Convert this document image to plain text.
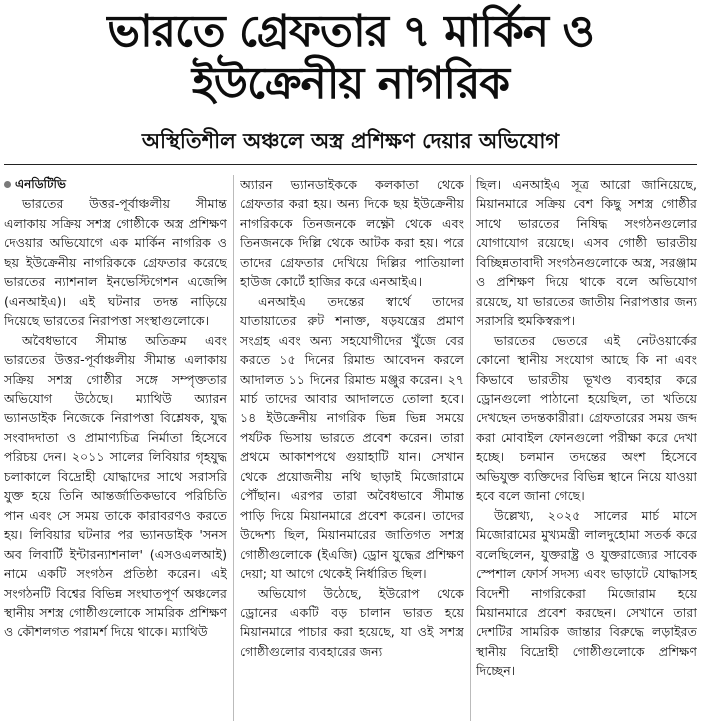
ভারতে গ্রেফতার ৭ মার্কিন ও
ইউক্রেনীয় নাগরিক
অস্থিতিশীল অঞ্চলে অস্ত্র প্রশিক্ষণ দেয়ার অভিযোগ

এনডিটিভি

ভারতের উত্তর-পূর্বাঞ্চলীয় সীমান্ত এলাকায় সক্রিয় সশস্ত্র গোষ্ঠীকে অস্ত্র প্রশিক্ষণ দেওয়ার অভিযোগে এক মার্কিন নাগরিক ও ছয় ইউক্রেনীয় নাগরিককে গ্রেফতার করেছে ভারতের ন্যাশনাল ইনভেস্টিগেশন এজেন্সি (এনআইএ)। এই ঘটনার তদন্ত নাড়িয়ে দিয়েছে ভারতের নিরাপত্তা সংস্থাগুলোকে।

অবৈধভাবে সীমান্ত অতিক্রম এবং ভারতের উত্তর-পূর্বাঞ্চলীয় সীমান্ত এলাকায় সক্রিয় সশস্ত্র গোষ্ঠীর সঙ্গে সম্পৃক্ততার অভিযোগ উঠেছে। ম্যাথিউ অ্যারন ভ্যানডাইক নিজেকে নিরাপত্তা বিশ্লেষক, যুদ্ধ সংবাদদাতা ও প্রামাণ্যচিত্র নির্মাতা হিসেবে পরিচয় দেন। ২০১১ সালের লিবিয়ার গৃহযুদ্ধ চলাকালে বিদ্রোহী যোদ্ধাদের সাথে সরাসরি যুক্ত হয়ে তিনি আন্তর্জাতিকভাবে পরিচিতি পান এবং সে সময় তাকে কারাবরণও করতে হয়। লিবিয়ার ঘটনার পর ভ্যানডাইক 'সনস অব লিবার্টি ইন্টারন্যাশনাল' (এসওএলআই) নামে একটি সংগঠন প্রতিষ্ঠা করেন। এই সংগঠনটি বিশ্বের বিভিন্ন সংঘাতপূর্ণ অঞ্চলের স্থানীয় সশস্ত্র গোষ্ঠীগুলোকে সামরিক প্রশিক্ষণ ও কৌশলগত পরামর্শ দিয়ে থাকে। ম্যাথিউ

অ্যারন ভ্যানডাইককে কলকাতা থেকে গ্রেফতার করা হয়। অন্য দিকে ছয় ইউক্রেনীয় নাগরিককে তিনজনকে লক্ষ্ণৌ থেকে এবং তিনজনকে দিল্লি থেকে আটক করা হয়। পরে তাদের গ্রেফতার দেখিয়ে দিল্লির পাতিয়ালা হাউজ কোর্টে হাজির করে এনআইএ।

এনআইএ তদন্তের স্বার্থে তাদের যাতায়াতের রুট শনাক্ত, ষড়যন্ত্রের প্রমাণ সংগ্রহ এবং অন্য সহযোগীদের খুঁজে বের করতে ১৫ দিনের রিমান্ড আবেদন করলে আদালত ১১ দিনের রিমান্ড মঞ্জুর করেন। ২৭ মার্চ তাদের আবার আদালতে তোলা হবে। ১৪ ইউক্রেনীয় নাগরিক ভিন্ন ভিন্ন সময়ে পর্যটক ভিসায় ভারতে প্রবেশ করেন। তারা প্রথমে আকাশপথে গুয়াহাটি যান। সেখান থেকে প্রয়োজনীয় নথি ছাড়াই মিজোরামে পৌঁছান। এরপর তারা অবৈধভাবে সীমান্ত পাড়ি দিয়ে মিয়ানমারে প্রবেশ করেন। তাদের উদ্দেশ্য ছিল, মিয়ানমারের জাতিগত সশস্ত্র গোষ্ঠীগুলোকে (ইএজি) ড্রোন যুদ্ধের প্রশিক্ষণ দেয়া; যা আগে থেকেই নির্ধারিত ছিল।

অভিযোগ উঠেছে, ইউরোপ থেকে ড্রোনের একটি বড় চালান ভারত হয়ে মিয়ানমারে পাচার করা হয়েছে, যা ওই সশস্ত্র গোষ্ঠীগুলোর ব্যবহারের জন্য

ছিল। এনআইএ সূত্র আরো জানিয়েছে, মিয়ানমারে সক্রিয় বেশ কিছু সশস্ত্র গোষ্ঠীর সাথে ভারতের নিষিদ্ধ সংগঠনগুলোর যোগাযোগ রয়েছে। এসব গোষ্ঠী ভারতীয় বিচ্ছিন্নতাবাদী সংগঠনগুলোকে অস্ত্র, সরঞ্জাম ও প্রশিক্ষণ দিয়ে থাকে বলে অভিযোগ রয়েছে, যা ভারতের জাতীয় নিরাপত্তার জন্য সরাসরি হুমকিস্বরূপ।

ভারতের ভেতরে এই নেটওয়ার্কের কোনো স্থানীয় সংযোগ আছে কি না এবং কিভাবে ভারতীয় ভূখণ্ড ব্যবহার করে ড্রোনগুলো পাঠানো হয়েছিল, তা খতিয়ে দেখছেন তদন্তকারীরা। গ্রেফতারের সময় জব্দ করা মোবাইল ফোনগুলো পরীক্ষা করে দেখা হচ্ছে। চলমান তদন্তের অংশ হিসেবে অভিযুক্ত ব্যক্তিদের বিভিন্ন স্থানে নিয়ে যাওয়া হবে বলে জানা গেছে।

উল্লেখ্য, ২০২৫ সালের মার্চ মাসে মিজোরামের মুখ্যমন্ত্রী লালদুহোমা সতর্ক করে বলেছিলেন, যুক্তরাষ্ট্র ও যুক্তরাজ্যের সাবেক স্পেশাল ফোর্স সদস্য এবং ভাড়াটে যোদ্ধাসহ বিদেশী নাগরিকেরা মিজোরাম হয়ে মিয়ানমারে প্রবেশ করছেন। সেখানে তারা দেশটির সামরিক জান্তার বিরুদ্ধে লড়াইরত স্থানীয় বিদ্রোহী গোষ্ঠীগুলোকে প্রশিক্ষণ দিচ্ছেন।
